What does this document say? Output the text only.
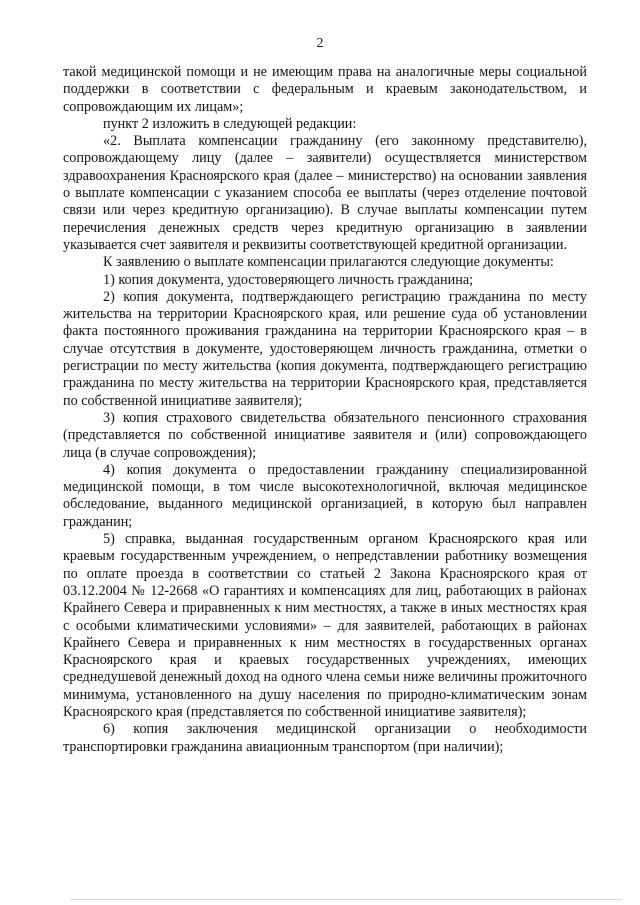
2

такой медицинской помощи и не имеющим права на аналогичные меры социальной поддержки в соответствии с федеральным и краевым законодательством, и сопровождающим их лицам»;

пункт 2 изложить в следующей редакции:

«2. Выплата компенсации гражданину (его законному представителю), сопровождающему лицу (далее – заявители) осуществляется министерством здравоохранения Красноярского края (далее – министерство) на основании заявления о выплате компенсации с указанием способа ее выплаты (через отделение почтовой связи или через кредитную организацию). В случае выплаты компенсации путем перечисления денежных средств через кредитную организацию в заявлении указывается счет заявителя и реквизиты соответствующей кредитной организации.

К заявлению о выплате компенсации прилагаются следующие документы:

1) копия документа, удостоверяющего личность гражданина;

2) копия документа, подтверждающего регистрацию гражданина по месту жительства на территории Красноярского края, или решение суда об установлении факта постоянного проживания гражданина на территории Красноярского края – в случае отсутствия в документе, удостоверяющем личность гражданина, отметки о регистрации по месту жительства (копия документа, подтверждающего регистрацию гражданина по месту жительства на территории Красноярского края, представляется по собственной инициативе заявителя);

3) копия страхового свидетельства обязательного пенсионного страхования (представляется по собственной инициативе заявителя и (или) сопровождающего лица (в случае сопровождения);

4) копия документа о предоставлении гражданину специализированной медицинской помощи, в том числе высокотехнологичной, включая медицинское обследование, выданного медицинской организацией, в которую был направлен гражданин;

5) справка, выданная государственным органом Красноярского края или краевым государственным учреждением, о непредставлении работнику возмещения по оплате проезда в соответствии со статьей 2 Закона Красноярского края от 03.12.2004 № 12-2668 «О гарантиях и компенсациях для лиц, работающих в районах Крайнего Севера и приравненных к ним местностях, а также в иных местностях края с особыми климатическими условиями» – для заявителей, работающих в районах Крайнего Севера и приравненных к ним местностях в государственных органах Красноярского края и краевых государственных учреждениях, имеющих среднедушевой денежный доход на одного члена семьи ниже величины прожиточного минимума, установленного на душу населения по природно-климатическим зонам Красноярского края (представляется по собственной инициативе заявителя);

6) копия заключения медицинской организации о необходимости транспортировки гражданина авиационным транспортом (при наличии);
